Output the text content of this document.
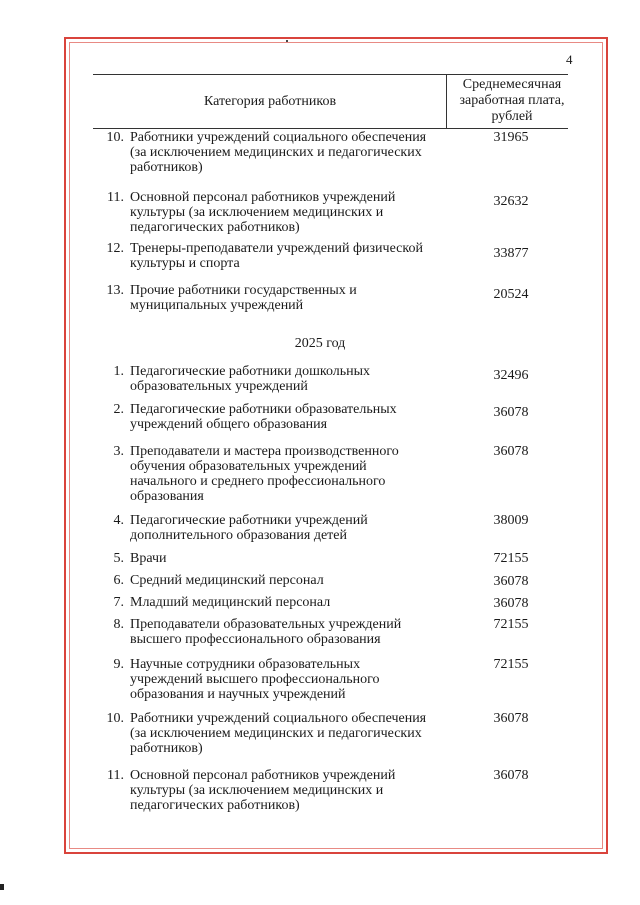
4
Категория работников
Среднемесячная заработная плата, рублей
10. Работники учреждений социального обеспечения (за исключением медицинских и педагогических работников)
31965
11. Основной персонал работников учреждений культуры (за исключением медицинских и педагогических работников)
32632
12. Тренеры-преподаватели учреждений физической культуры и спорта
33877
13. Прочие работники государственных и муниципальных учреждений
20524
2025 год
1. Педагогические работники дошкольных образовательных учреждений
32496
2. Педагогические работники образовательных учреждений общего образования
36078
3. Преподаватели и мастера производственного обучения образовательных учреждений начального и среднего профессионального образования
36078
4. Педагогические работники учреждений дополнительного образования детей
38009
5. Врачи	72155
6. Средний медицинский персонал	36078
7. Младший медицинский персонал	36078
8. Преподаватели образовательных учреждений высшего профессионального образования
72155
9. Научные сотрудники образовательных учреждений высшего профессионального образования и научных учреждений
72155
10. Работники учреждений социального обеспечения (за исключением медицинских и педагогических работников)
36078
11. Основной персонал работников учреждений культуры (за исключением медицинских и педагогических работников)
36078
